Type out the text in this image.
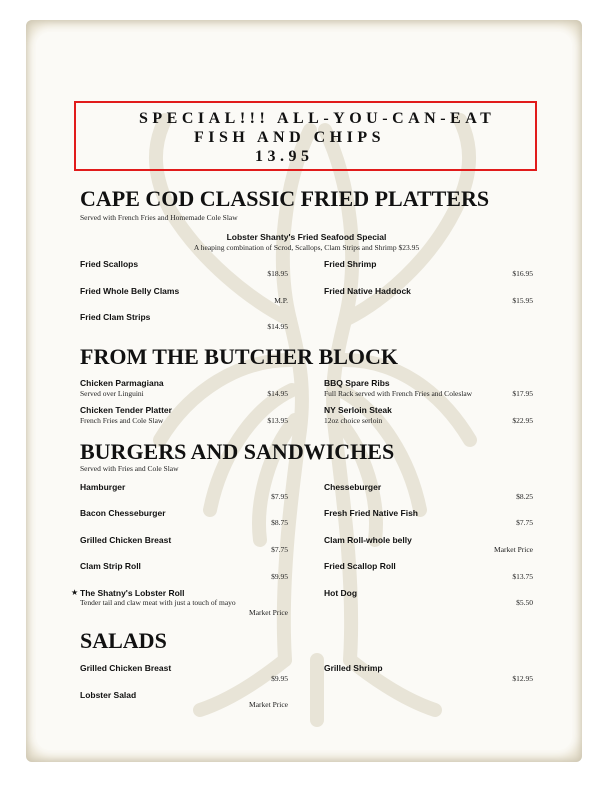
SPECIAL!!! ALL-YOU-CAN-EAT
FISH AND CHIPS
13.95
CAPE COD CLASSIC FRIED PLATTERS
Served with French Fries and Homemade Cole Slaw
Lobster Shanty's Fried Seafood Special
A heaping combination of Scrod, Scallops, Clam Strips and Shrimp $23.95
Fried Scallops
$18.95
Fried Shrimp
$16.95
Fried Whole Belly Clams
M.P.
Fried Native Haddock
$15.95
Fried Clam Strips
$14.95
FROM THE BUTCHER BLOCK
Chicken Parmagiana
Served over Linguini	$14.95
BBQ Spare Ribs
Full Rack served with French Fries and Coleslaw	$17.95
Chicken Tender Platter
French Fries and Cole Slaw	$13.95
NY Serloin Steak
12oz choice serloin	$22.95
BURGERS AND SANDWICHES
Served with Fries and Cole Slaw
Hamburger
$7.95
Chesseburger
$8.25
Bacon Chesseburger
$8.75
Fresh Fried Native Fish
$7.75
Grilled Chicken Breast
$7.75
Clam Roll-whole belly
Market Price
Clam Strip Roll
$9.95
Fried Scallop Roll
$13.75
★ The Shatny's Lobster Roll
Tender tail and claw meat with just a touch of mayo
Market Price
Hot Dog
$5.50
SALADS
Grilled Chicken Breast
$9.95
Grilled Shrimp
$12.95
Lobster Salad
Market Price
